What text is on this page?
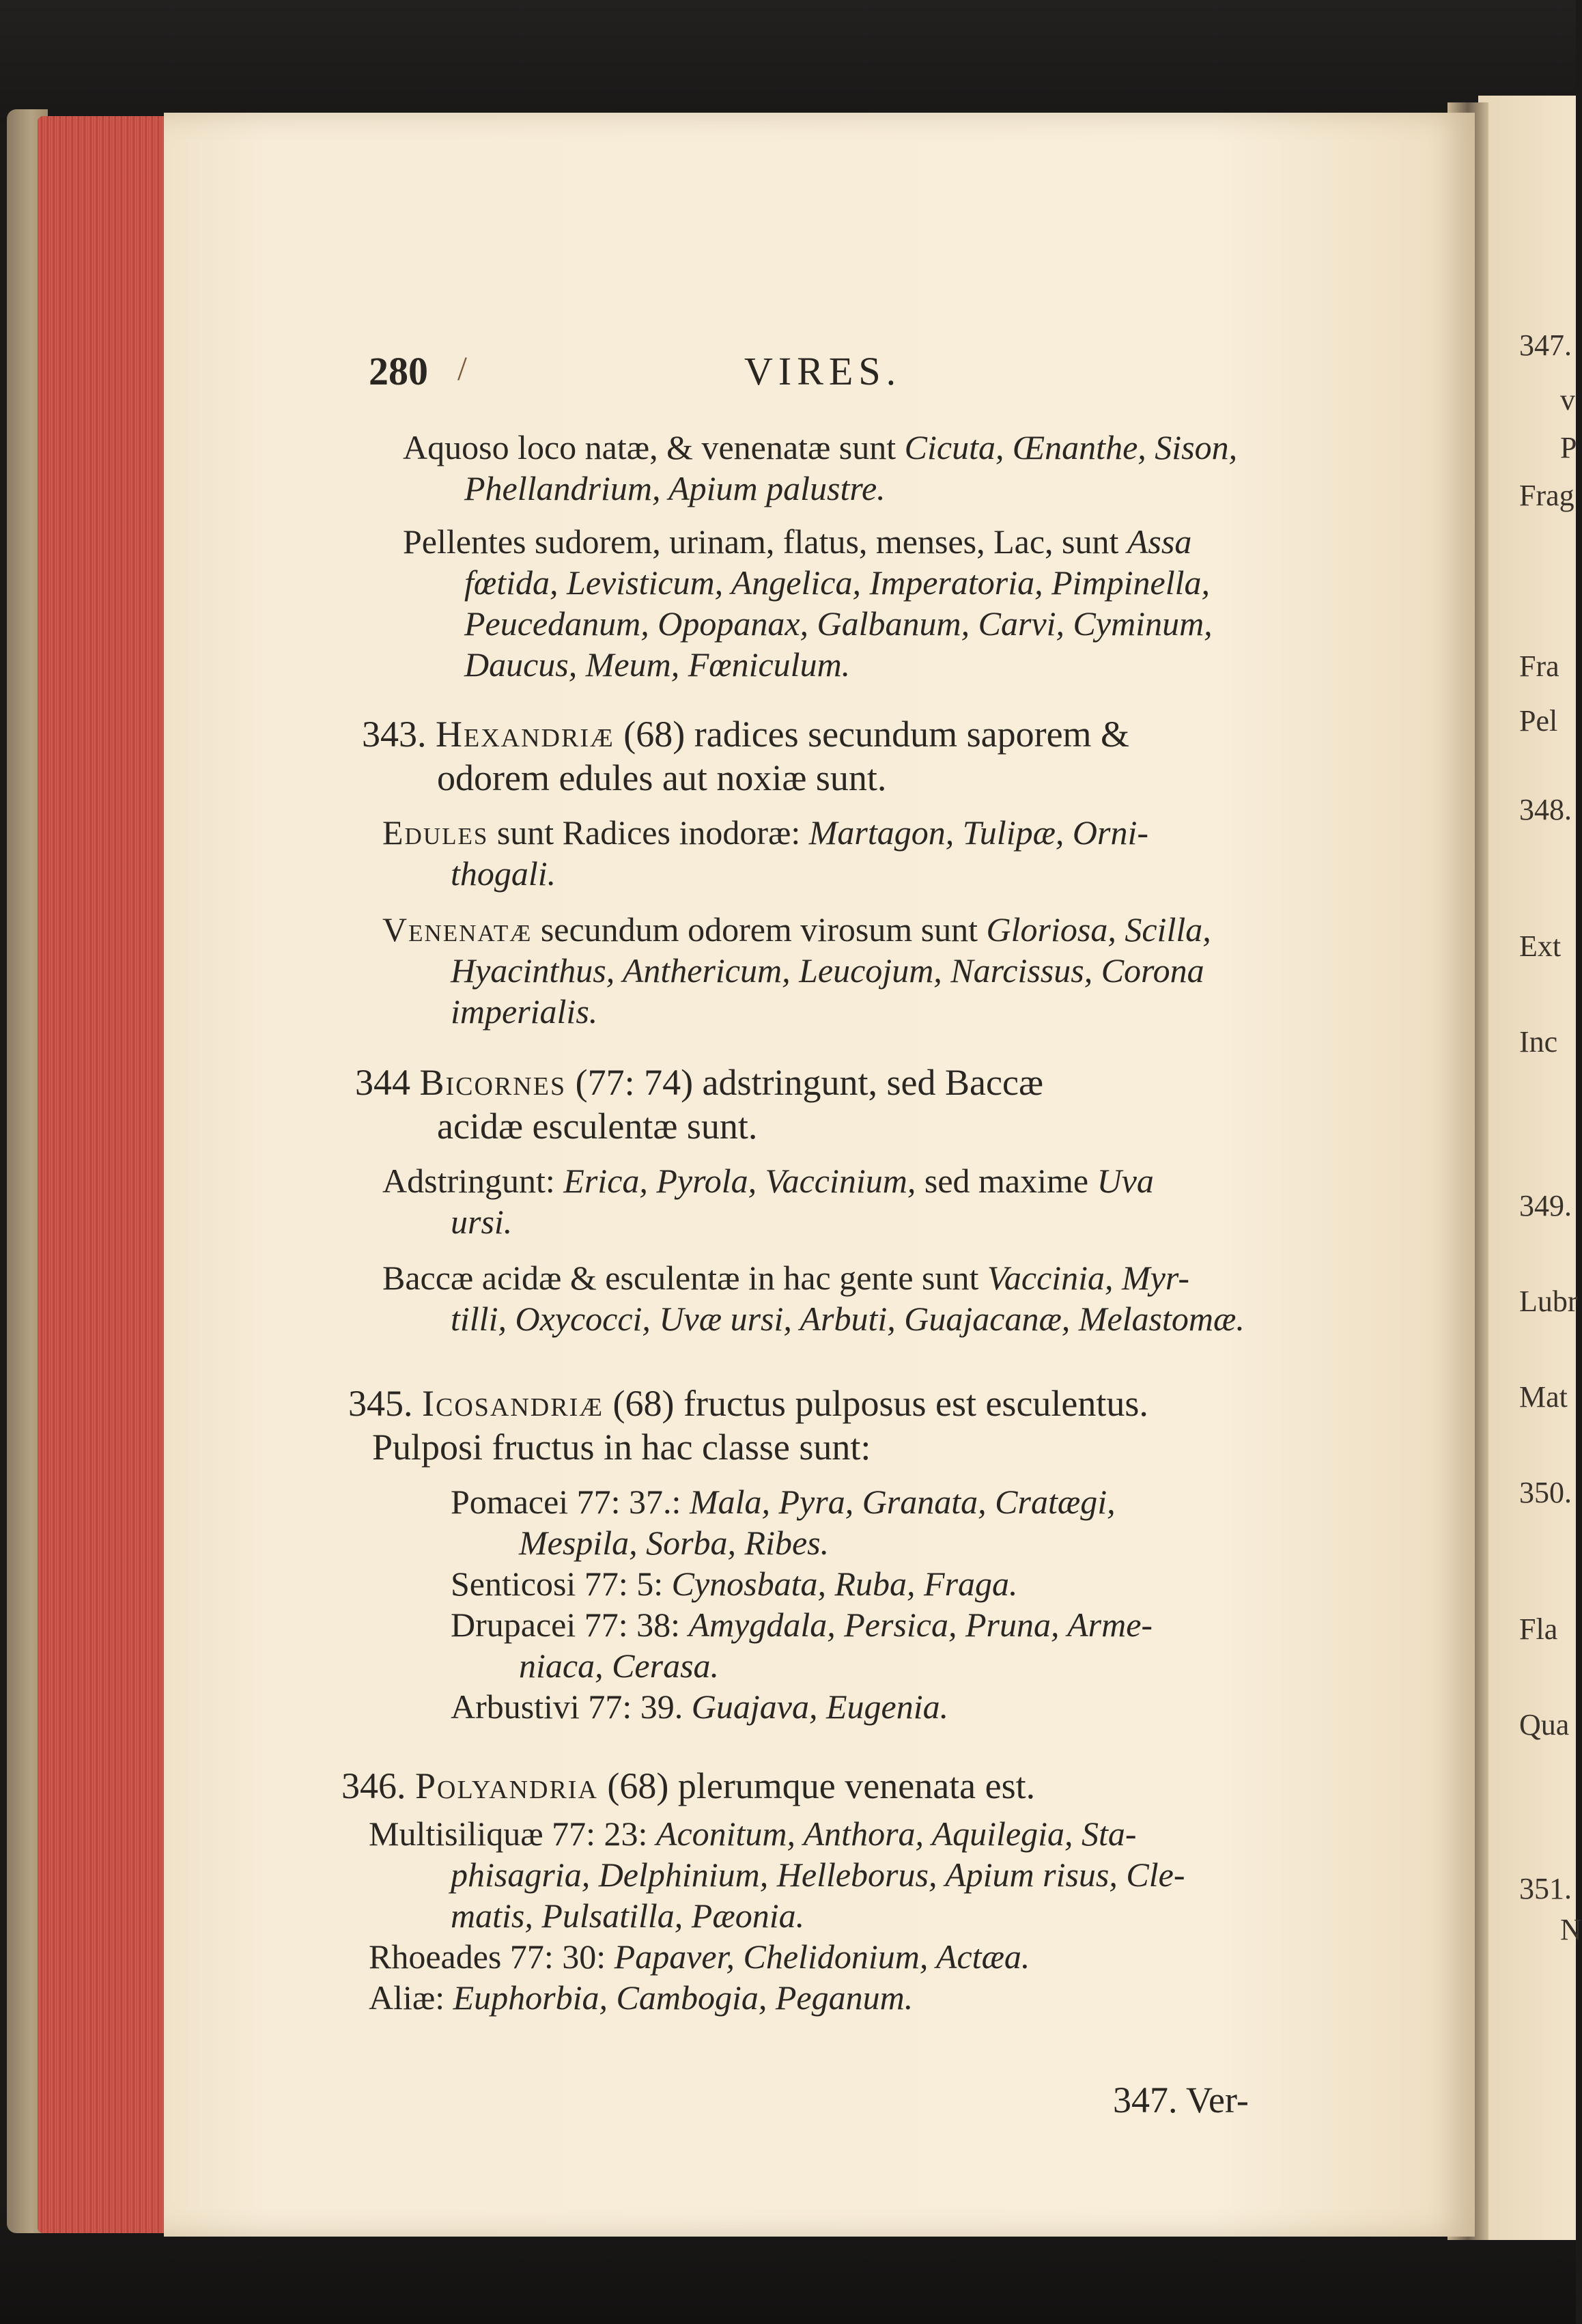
347.
v
P
Frag
Fra
Pel
348.
Ext
Inc
349.
Lubr
Mat
350.
Fla
Qua
351.
N
280 /	VIRES.
Aquoso loco natæ, & venenatæ sunt Cicuta, Œnanthe, Sison,
Phellandrium, Apium palustre.
Pellentes sudorem, urinam, flatus, menses, Lac, sunt Assa
fœtida, Levisticum, Angelica, Imperatoria, Pimpinella,
Peucedanum, Opopanax, Galbanum, Carvi, Cyminum,
Daucus, Meum, Fœniculum.
343. Hexandriæ (68) radices secundum saporem &
odorem edules aut noxiæ sunt.
Edules sunt Radices inodoræ: Martagon, Tulipæ, Orni-
thogali.
Venenatæ secundum odorem virosum sunt Gloriosa, Scilla,
Hyacinthus, Anthericum, Leucojum, Narcissus, Corona
imperialis.
344 Bicornes (77: 74) adstringunt, sed Baccæ
acidæ esculentæ sunt.
Adstringunt: Erica, Pyrola, Vaccinium, sed maxime Uva
ursi.
Baccæ acidæ & esculentæ in hac gente sunt Vaccinia, Myr-
tilli, Oxycocci, Uvæ ursi, Arbuti, Guajacanæ, Melastomæ.
345. Icosandriæ (68) fructus pulposus est esculentus.
Pulposi fructus in hac classe sunt:
Pomacei 77: 37.: Mala, Pyra, Granata, Cratægi,
Mespila, Sorba, Ribes.
Senticosi 77: 5: Cynosbata, Ruba, Fraga.
Drupacei 77: 38: Amygdala, Persica, Pruna, Arme-
niaca, Cerasa.
Arbustivi 77: 39. Guajava, Eugenia.
346. Polyandria (68) plerumque venenata est.
Multisiliquæ 77: 23: Aconitum, Anthora, Aquilegia, Sta-
phisagria, Delphinium, Helleborus, Apium risus, Cle-
matis, Pulsatilla, Pæonia.
Rhoeades 77: 30: Papaver, Chelidonium, Actæa.
Aliæ: Euphorbia, Cambogia, Peganum.
347. Ver-
